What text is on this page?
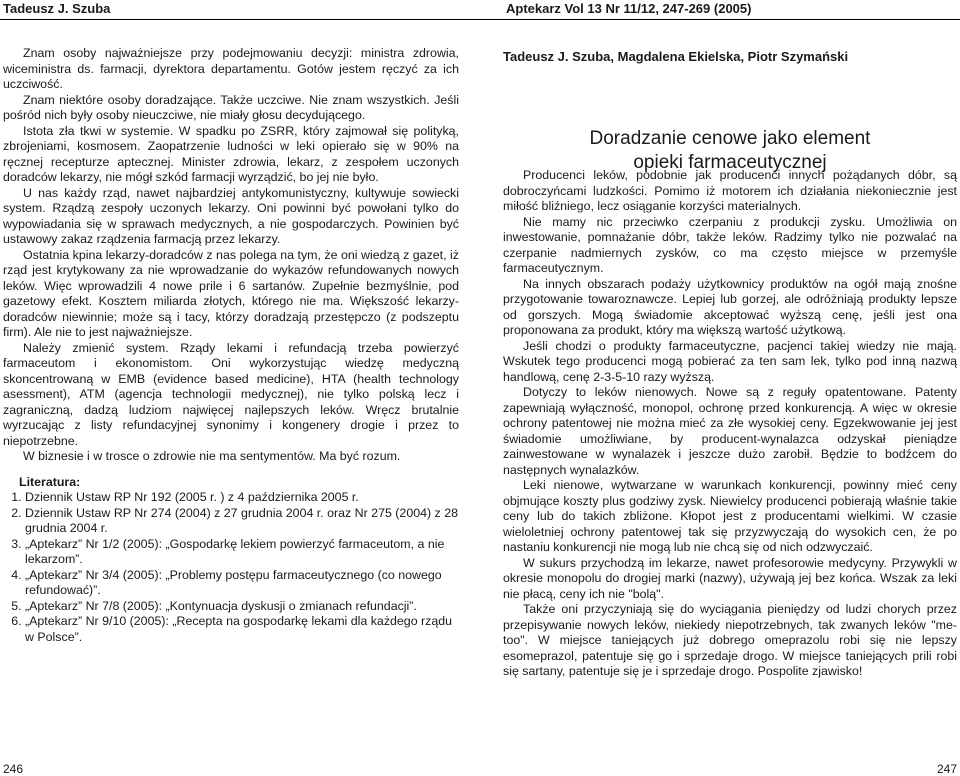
Tadeusz J. Szuba	Aptekarz Vol 13 Nr 11/12, 247-269 (2005)

Znam osoby najważniejsze przy podejmowaniu decyzji: ministra zdrowia, wiceministra ds. farmacji, dyrektora departamentu. Gotów jestem ręczyć za ich uczciwość.

Znam niektóre osoby doradzające. Także uczciwe. Nie znam wszystkich. Jeśli pośród nich były osoby nieuczciwe, nie miały głosu decydującego.

Istota zła tkwi w systemie. W spadku po ZSRR, który zajmował się polityką, zbrojeniami, kosmosem. Zaopatrzenie ludności w leki opierało się w 90% na ręcznej recepturze aptecznej. Minister zdrowia, lekarz, z zespołem uczonych doradców lekarzy, nie mógł szkód farmacji wyrządzić, bo jej nie było.

U nas każdy rząd, nawet najbardziej antykomunistyczny, kultywuje sowiecki system. Rządzą zespoły uczonych lekarzy. Oni powinni być powołani tylko do wypowiadania się w sprawach medycznych, a nie gospodarczych. Powinien być ustawowy zakaz rządzenia farmacją przez lekarzy.

Ostatnia kpina lekarzy-doradców z nas polega na tym, że oni wiedzą z gazet, iż rząd jest krytykowany za nie wprowadzanie do wykazów refundowanych nowych leków. Więc wprowadzili 4 nowe prile i 6 sartanów. Zupełnie bezmyślnie, pod gazetowy efekt. Kosztem miliarda złotych, którego nie ma. Większość lekarzy-doradców niewinnie; może są i tacy, którzy doradzają przestępczo (z podszeptu firm). Ale nie to jest najważniejsze.

Należy zmienić system. Rządy lekami i refundacją trzeba powierzyć farmaceutom i ekonomistom. Oni wykorzystując wiedzę medyczną skoncentrowaną w EMB (evidence based medicine), HTA (health technology asessment), ATM (agencja technologii medycznej), nie tylko polską lecz i zagraniczną, dadzą ludziom najwięcej najlepszych leków. Wręcz brutalnie wyrzucając z listy refundacyjnej synonimy i kongenery drogie i przez to niepotrzebne.

W biznesie i w trosce o zdrowie nie ma sentymentów. Ma być rozum.

Literatura:
1. Dziennik Ustaw RP Nr 192 (2005 r. ) z 4 października 2005 r.
2. Dziennik Ustaw RP Nr 274 (2004) z 27 grudnia 2004 r. oraz Nr 275 (2004) z 28 grudnia 2004 r.
3. „Aptekarz” Nr 1/2 (2005): „Gospodarkę lekiem powierzyć farmaceutom, a nie lekarzom”.
4. „Aptekarz” Nr 3/4 (2005): „Problemy postępu farmaceutycznego (co nowego refundować)”.
5. „Aptekarz” Nr 7/8 (2005): „Kontynuacja dyskusji o zmianach refundacji”.
6. „Aptekarz” Nr 9/10 (2005): „Recepta na gospodarkę lekami dla każdego rządu w Polsce”.
Tadeusz J. Szuba, Magdalena Ekielska, Piotr Szymański
Doradzanie cenowe jako element
opieki farmaceutycznej

Producenci leków, podobnie jak producenci innych pożądanych dóbr, są dobroczyńcami ludzkości. Pomimo iż motorem ich działania niekoniecznie jest miłość bliźniego, lecz osiąganie korzyści materialnych.

Nie mamy nic przeciwko czerpaniu z produkcji zysku. Umożliwia on inwestowanie, pomnażanie dóbr, także leków. Radzimy tylko nie pozwalać na czerpanie nadmiernych zysków, co ma często miejsce w przemyśle farmaceutycznym.

Na innych obszarach podaży użytkownicy produktów na ogół mają znośne przygotowanie towaroznawcze. Lepiej lub gorzej, ale odróżniają produkty lepsze od gorszych. Mogą świadomie akceptować wyższą cenę, jeśli jest ona proponowana za produkt, który ma większą wartość użytkową.

Jeśli chodzi o produkty farmaceutyczne, pacjenci takiej wiedzy nie mają. Wskutek tego producenci mogą pobierać za ten sam lek, tylko pod inną nazwą handlową, cenę 2-3-5-10 razy wyższą.

Dotyczy to leków nienowych. Nowe są z reguły opatentowane. Patenty zapewniają wyłączność, monopol, ochronę przed konkurencją. A więc w okresie ochrony patentowej nie można mieć za złe wysokiej ceny. Egzekwowanie jej jest świadomie umożliwiane, by producent-wynalazca odzyskał pieniądze zainwestowane w wynalazek i jeszcze dużo zarobił. Będzie to bodźcem do następnych wynalazków.

Leki nienowe, wytwarzane w warunkach konkurencji, powinny mieć ceny objmujące koszty plus godziwy zysk. Niewielcy producenci pobierają właśnie takie ceny lub do takich zbliżone. Kłopot jest z producentami wielkimi. W czasie wieloletniej ochrony patentowej tak się przyzwyczają do wysokich cen, że po nastaniu konkurencji nie mogą lub nie chcą się od nich odzwyczaić.

W sukurs przychodzą im lekarze, nawet profesorowie medycyny. Przywykli w okresie monopolu do drogiej marki (nazwy), używają jej bez końca. Wszak za leki nie płacą, ceny ich nie "bolą".

Także oni przyczyniają się do wyciągania pieniędzy od ludzi chorych przez przepisywanie nowych leków, niekiedy niepotrzebnych, tak zwanych leków "me-too". W miejsce taniejących już dobrego omeprazolu robi się nie lepszy esomeprazol, patentuje się go i sprzedaje drogo. W miejsce taniejących prili robi się sartany, patentuje się je i sprzedaje drogo. Pospolite zjawisko!

246	247
